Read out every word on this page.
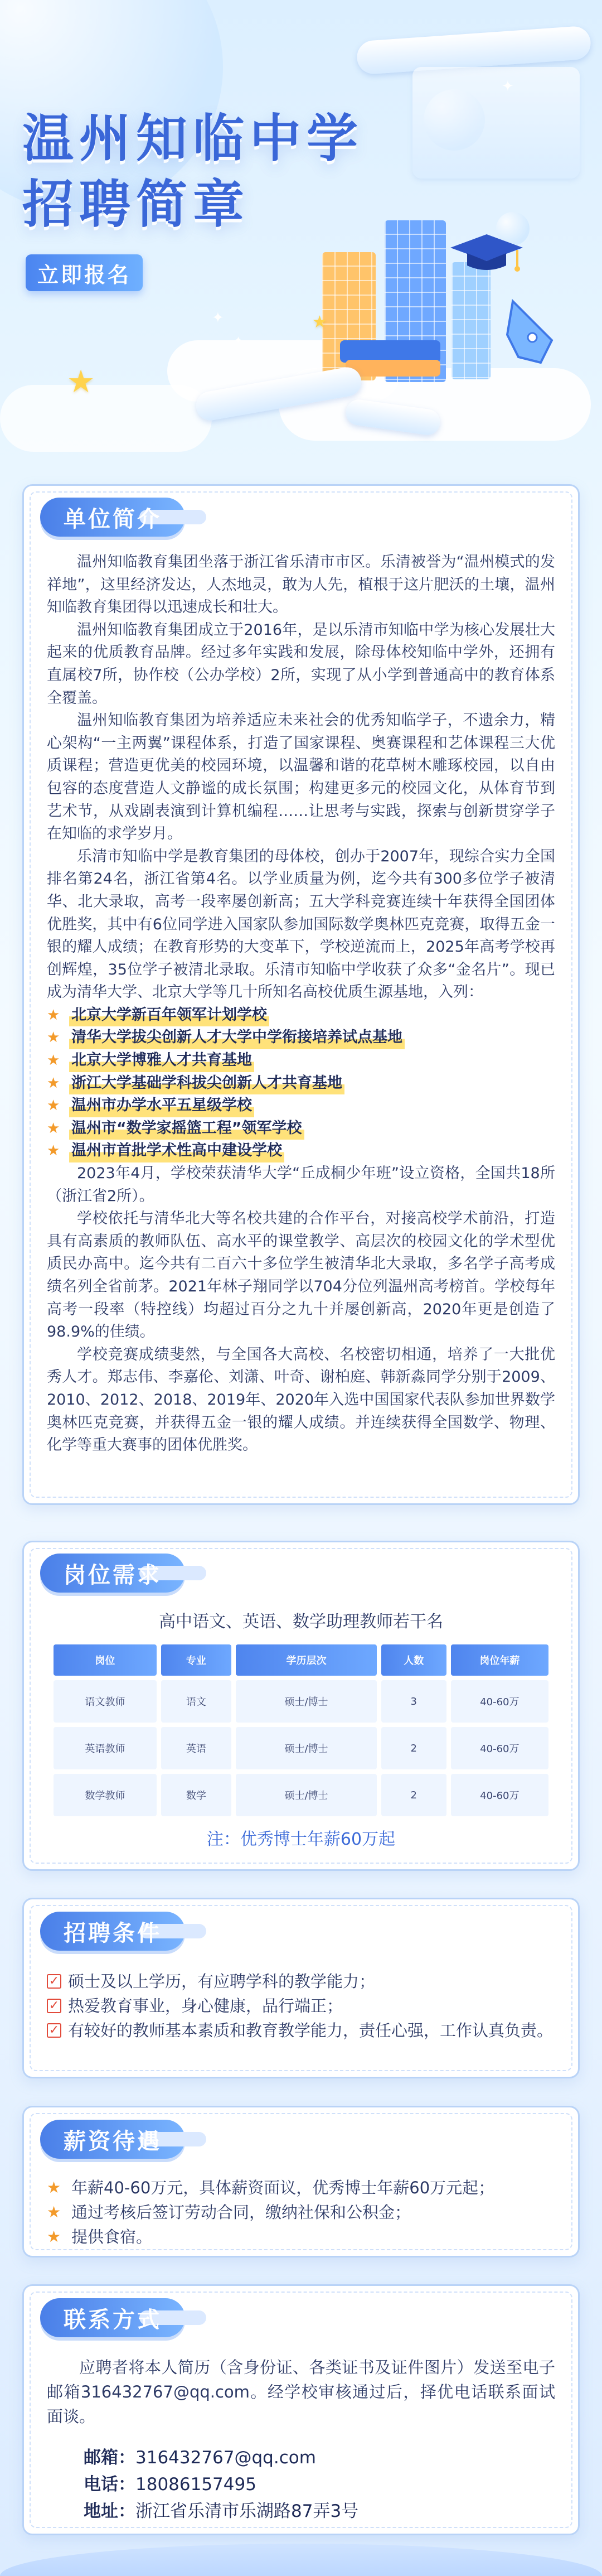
温州知临中学
招聘简章
立即报名
★
★
✦
✦
✦
单位简介

温州知临教育集团坐落于浙江省乐清市市区。乐清被誉为“温州模式的发祥地”，这里经济发达，人杰地灵，敢为人先，植根于这片肥沃的土壤，温州知临教育集团得以迅速成长和壮大。

温州知临教育集团成立于2016年，是以乐清市知临中学为核心发展壮大起来的优质教育品牌。经过多年实践和发展，除母体校知临中学外，还拥有直属校7所，协作校（公办学校）2所，实现了从小学到普通高中的教育体系全覆盖。

温州知临教育集团为培养适应未来社会的优秀知临学子，不遗余力，精心架构“一主两翼”课程体系，打造了国家课程、奥赛课程和艺体课程三大优质课程；营造更优美的校园环境，以温馨和谐的花草树木雕琢校园，以自由包容的态度营造人文静谧的成长氛围；构建更多元的校园文化，从体育节到艺术节，从戏剧表演到计算机编程……让思考与实践，探索与创新贯穿学子在知临的求学岁月。

乐清市知临中学是教育集团的母体校，创办于2007年，现综合实力全国排名第24名，浙江省第4名。以学业质量为例，迄今共有300多位学子被清华、北大录取，高考一段率屡创新高；五大学科竞赛连续十年获得全国团体优胜奖，其中有6位同学进入国家队参加国际数学奥林匹克竞赛，取得五金一银的耀人成绩；在教育形势的大变革下，学校逆流而上，2025年高考学校再创辉煌，35位学子被清北录取。乐清市知临中学收获了众多“金名片”。现已成为清华大学、北京大学等几十所知名高校优质生源基地，入列：

★ 北京大学新百年领军计划学校
★ 清华大学拔尖创新人才大学中学衔接培养试点基地
★ 北京大学博雅人才共育基地
★ 浙江大学基础学科拔尖创新人才共育基地
★ 温州市办学水平五星级学校
★ 温州市“数学家摇篮工程”领军学校
★ 温州市首批学术性高中建设学校

2023年4月，学校荣获清华大学“丘成桐少年班”设立资格，全国共18所（浙江省2所）。

学校依托与清华北大等名校共建的合作平台，对接高校学术前沿，打造具有高素质的教师队伍、高水平的课堂教学、高层次的校园文化的学术型优质民办高中。迄今共有二百六十多位学生被清华北大录取，多名学子高考成绩名列全省前茅。2021年林子翔同学以704分位列温州高考榜首。学校每年高考一段率（特控线）均超过百分之九十并屡创新高，2020年更是创造了98.9%的佳绩。

学校竞赛成绩斐然，与全国各大高校、名校密切相通，培养了一大批优秀人才。郑志伟、李嘉伦、刘潇、叶奇、谢柏庭、韩新淼同学分别于2009、2010、2012、2018、2019年、2020年入选中国国家代表队参加世界数学奥林匹克竞赛，并获得五金一银的耀人成绩。并连续获得全国数学、物理、化学等重大赛事的团体优胜奖。

岗位需求
高中语文、英语、数学助理教师若干名
岗位	专业	学历层次	人数	岗位年薪
语文教师	语文	硕士/博士	3	40-60万
英语教师	英语	硕士/博士	2	40-60万
数学教师	数学	硕士/博士	2	40-60万
注：优秀博士年薪60万起
招聘条件
✓ 硕士及以上学历，有应聘学科的教学能力；
✓ 热爱教育事业，身心健康，品行端正；
✓ 有较好的教师基本素质和教育教学能力，责任心强，工作认真负责。
薪资待遇
★ 年薪40-60万元，具体薪资面议，优秀博士年薪60万元起；
★ 通过考核后签订劳动合同，缴纳社保和公积金；
★ 提供食宿。
联系方式

应聘者将本人简历（含身份证、各类证书及证件图片）发送至电子邮箱316432767@qq.com。经学校审核通过后，择优电话联系面试面谈。

邮箱：316432767@qq.com
电话：18086157495
地址：浙江省乐清市乐湖路87弄3号
